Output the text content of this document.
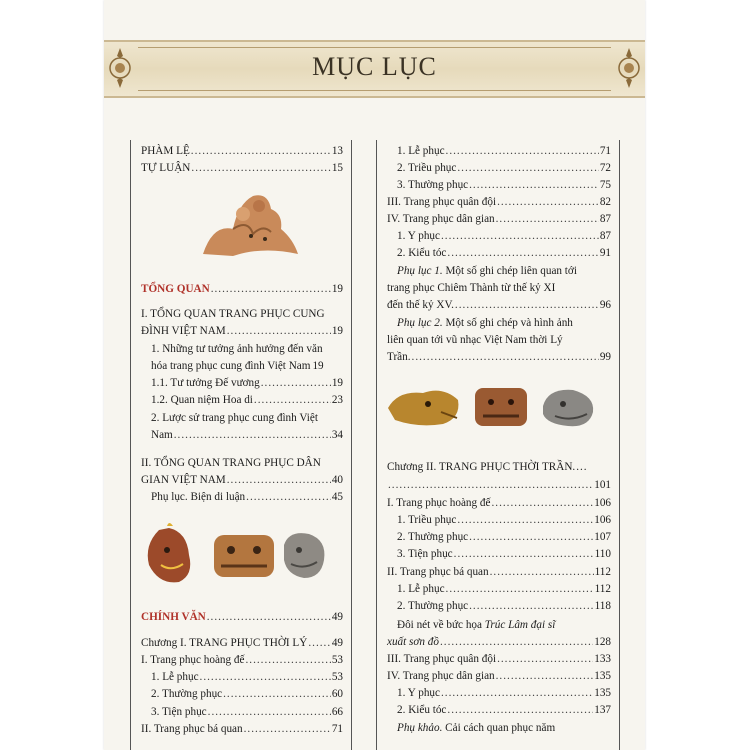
MỤC LỤC
PHÀM LỆ .....	13
TỰ LUẬN .....	15
TỔNG QUAN .....	19
I. TỔNG QUAN TRANG PHỤC CUNG
ĐÌNH VIỆT NAM .....	19
1. Những tư tưởng ảnh hưởng đến văn
hóa trang phục cung đình Việt Nam 19
1.1. Tư tưởng Đế vương .....	19
1.2. Quan niệm Hoa di .....	23
2. Lược sử trang phục cung đình Việt
Nam .....	34
II. TỔNG QUAN TRANG PHỤC DÂN
GIAN VIỆT NAM .....	40
Phụ lục. Biện di luận .....	45
CHÍNH VĂN .....	49
Chương I. TRANG PHỤC THỜI LÝ ..... 49
I. Trang phục hoàng đế .....	53
1. Lễ phục .....	53
2. Thường phục .....	60
3. Tiện phục .....	66
II. Trang phục bá quan .....	71
1. Lễ phục .....	71
2. Triều phục .....	72
3. Thường phục .....	75
III. Trang phục quân đội .....	82
IV. Trang phục dân gian .....	87
1. Y phục .....	87
2. Kiểu tóc .....	91
Phụ lục 1. Một số ghi chép liên quan tới
trang phục Chiêm Thành từ thế kỷ XI
đến thế kỷ XV. .....	96
Phụ lục 2. Một số ghi chép và hình ảnh
liên quan tới vũ nhạc Việt Nam thời Lý
Trần. .....	99
Chương II. TRANG PHỤC THỜI TRẦN....
.....
101
I. Trang phục hoàng đế .....	106
1. Triều phục .....	106
2. Thường phục .....	107
3. Tiện phục .....	110
II. Trang phục bá quan .....	112
1. Lễ phục .....	112
2. Thường phục .....	118
Đôi nét về bức họa Trúc Lâm đại sĩ
xuất sơn đồ .....	128
III. Trang phục quân đội .....	133
IV. Trang phục dân gian .....	135
1. Y phục .....	135
2. Kiểu tóc .....	137
Phụ khảo. Cải cách quan phục năm
